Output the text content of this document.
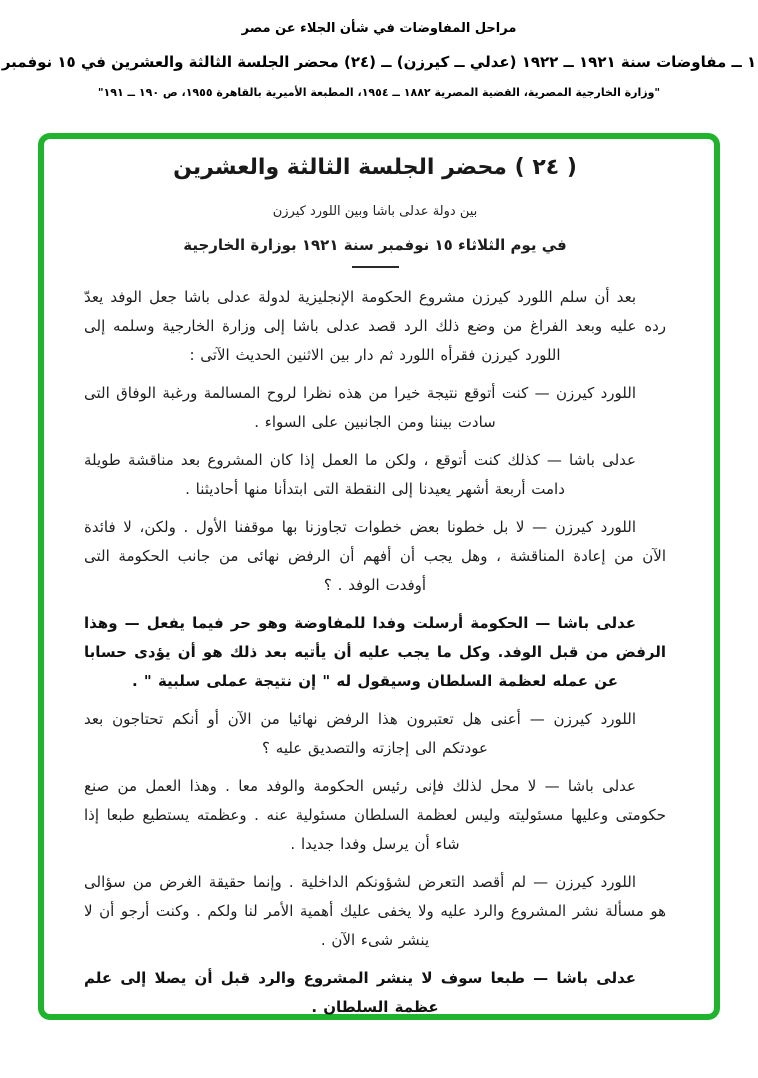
مراحل المفاوضات في شأن الجلاء عن مصر
١ ــ مفاوضات سنة ١٩٢١ ــ ١٩٢٢ (عدلي ــ كيرزن) ــ (٢٤) محضر الجلسة الثالثة والعشرين في ١٥ نوفمبر
"وزارة الخارجية المصرية، القضية المصرية ١٨٨٢ ــ ١٩٥٤، المطبعة الأميرية بالقاهرة ١٩٥٥، ص ١٩٠ ــ ١٩١"
( ٢٤ ) محضر الجلسة الثالثة والعشرين
بين دولة عدلى باشا وبين اللورد كيرزن
في يوم الثلاثاء ١٥ نوفمبر سنة ١٩٢١ بوزارة الخارجية

بعد أن سلم اللورد كيرزن مشروع الحكومة الإنجليزية لدولة عدلى باشا جعل الوفد يعدّ رده عليه وبعد الفراغ من وضع ذلك الرد قصد عدلى باشا إلى وزارة الخارجية وسلمه إلى اللورد كيرزن فقرأه اللورد ثم دار بين الاثنين الحديث الآتى :

اللورد كيرزن — كنت أتوقع نتيجة خيرا من هذه نظرا لروح المسالمة ورغبة الوفاق التى سادت بيننا ومن الجانبين على السواء .

عدلى باشا — كذلك كنت أتوقع ، ولكن ما العمل إذا كان المشروع بعد مناقشة طويلة دامت أربعة أشهر يعيدنا إلى النقطة التى ابتدأنا منها أحاديثنا .

اللورد كيرزن — لا بل خطونا بعض خطوات تجاوزنا بها موقفنا الأول . ولكن، لا فائدة الآن من إعادة المناقشة ، وهل يجب أن أفهم أن الرفض نهائى من جانب الحكومة التى أوفدت الوفد . ؟

عدلى باشا — الحكومة أرسلت وفدا للمفاوضة وهو حر فيما يفعل — وهذا الرفض من قبل الوفد. وكل ما يجب عليه أن يأتيه بعد ذلك هو أن يؤدى حسابا عن عمله لعظمة السلطان وسيقول له " إن نتيجة عملى سلبية " .

اللورد كيرزن — أعنى هل تعتبرون هذا الرفض نهائيا من الآن أو أنكم تحتاجون بعد عودتكم الى إجازته والتصديق عليه ؟

عدلى باشا — لا محل لذلك فإنى رئيس الحكومة والوفد معا . وهذا العمل من صنع حكومتى وعليها مسئوليته وليس لعظمة السلطان مسئولية عنه . وعظمته يستطيع طبعا إذا شاء أن يرسل وفدا جديدا .

اللورد كيرزن — لم أقصد التعرض لشؤونكم الداخلية . وإنما حقيقة الغرض من سؤالى هو مسألة نشر المشروع والرد عليه ولا يخفى عليك أهمية الأمر لنا ولكم . وكنت أرجو أن لا ينشر شىء الآن .

عدلى باشا — طبعا سوف لا ينشر المشروع والرد قبل أن يصلا إلى علم عظمة السلطان .
